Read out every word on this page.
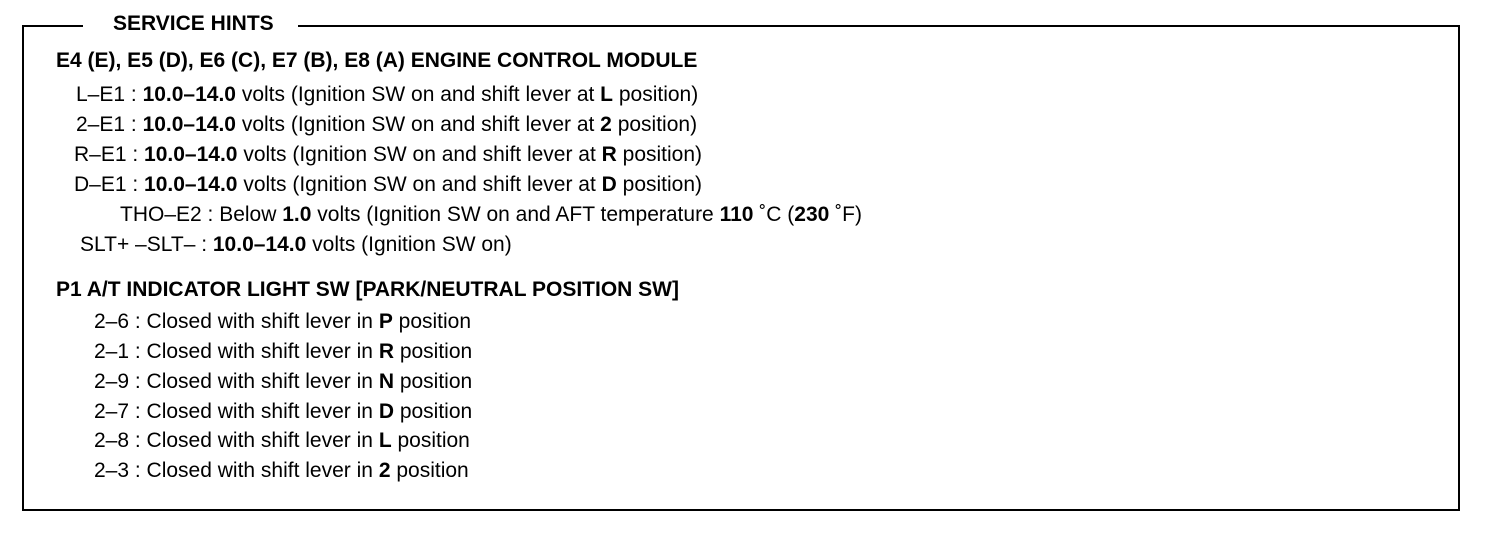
SERVICE HINTS
E4 (E), E5 (D), E6 (C), E7 (B), E8 (A) ENGINE CONTROL MODULE
L–E1 : 10.0–14.0 volts (Ignition SW on and shift lever at L position)
2–E1 : 10.0–14.0 volts (Ignition SW on and shift lever at 2 position)
R–E1 : 10.0–14.0 volts (Ignition SW on and shift lever at R position)
D–E1 : 10.0–14.0 volts (Ignition SW on and shift lever at D position)
THO–E2 : Below 1.0 volts (Ignition SW on and AFT temperature 110 ˚C (230 ˚F)
SLT+ –SLT– : 10.0–14.0 volts (Ignition SW on)
P1 A/T INDICATOR LIGHT SW [PARK/NEUTRAL POSITION SW]
2–6 : Closed with shift lever in P position
2–1 : Closed with shift lever in R position
2–9 : Closed with shift lever in N position
2–7 : Closed with shift lever in D position
2–8 : Closed with shift lever in L position
2–3 : Closed with shift lever in 2 position
